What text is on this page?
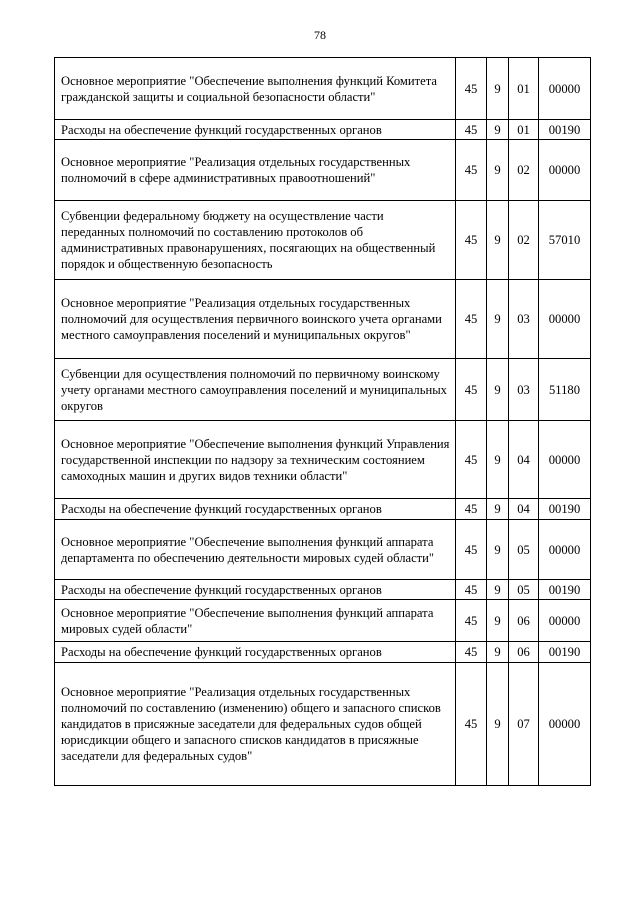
78
Основное мероприятие "Обеспечение выполнения функций Комитета гражданской защиты и социальной безопасности области"	45	9	01	00000
Расходы на обеспечение функций государственных органов	45	9	01	00190
Основное мероприятие "Реализация отдельных государственных полномочий в сфере административных правоотношений"	45	9	02	00000
Субвенции федеральному бюджету на осуществление части переданных полномочий по составлению протоколов об административных правонарушениях, посягающих на общественный порядок и общественную безопасность	45	9	02	57010
Основное мероприятие "Реализация отдельных государственных полномочий для осуществления первичного воинского учета органами местного самоуправления поселений и муниципальных округов"	45	9	03	00000
Субвенции для осуществления полномочий по первичному воинскому учету органами местного самоуправления поселений и муниципальных округов	45	9	03	51180
Основное мероприятие "Обеспечение выполнения функций Управления государственной инспекции по надзору за техническим состоянием самоходных машин и других видов техники области"	45	9	04	00000
Расходы на обеспечение функций государственных органов	45	9	04	00190
Основное мероприятие "Обеспечение выполнения функций аппарата департамента по обеспечению деятельности мировых судей области"	45	9	05	00000
Расходы на обеспечение функций государственных органов	45	9	05	00190
Основное мероприятие "Обеспечение выполнения функций аппарата мировых судей области"	45	9	06	00000
Расходы на обеспечение функций государственных органов	45	9	06	00190
Основное мероприятие "Реализация отдельных государственных полномочий по составлению (изменению) общего и запасного списков кандидатов в присяжные заседатели для федеральных судов общей юрисдикции общего и запасного списков кандидатов в присяжные заседатели для федеральных судов"	45	9	07	00000
